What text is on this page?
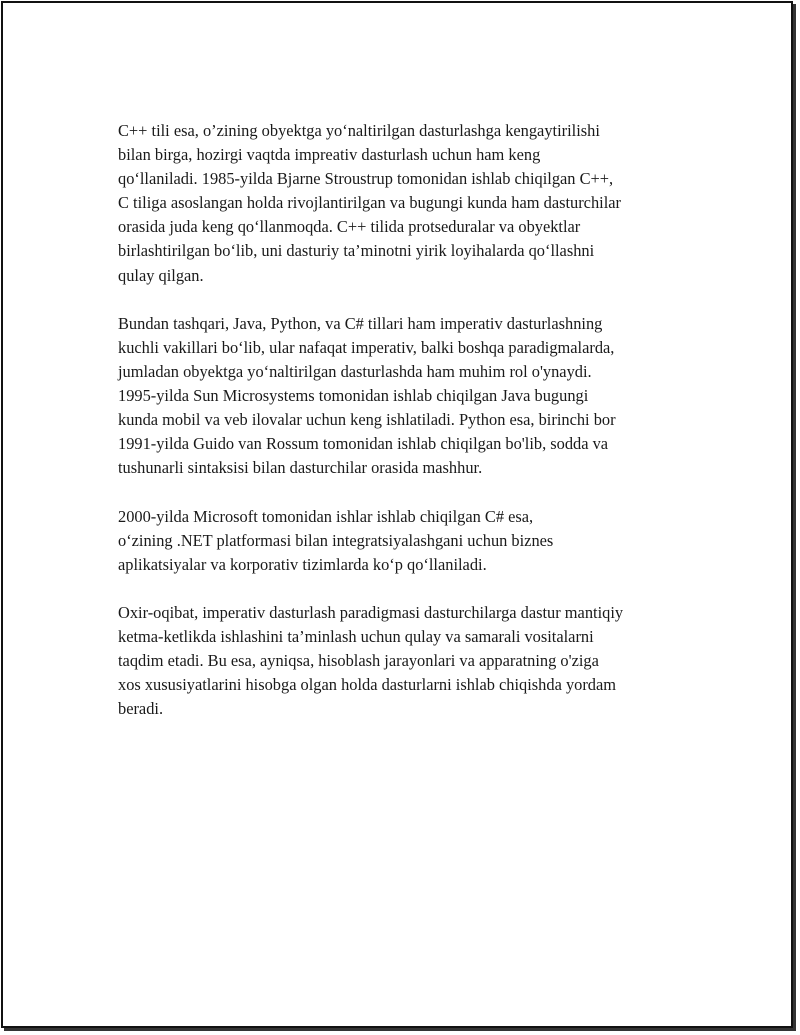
C++ tili esa, o’zining obyektga yo‘naltirilgan dasturlashga kengaytirilishi
bilan birga, hozirgi vaqtda impreativ dasturlash uchun ham keng
qo‘llaniladi. 1985-yilda Bjarne Stroustrup tomonidan ishlab chiqilgan C++,
C tiliga asoslangan holda rivojlantirilgan va bugungi kunda ham dasturchilar
orasida juda keng qo‘llanmoqda. C++ tilida protseduralar va obyektlar
birlashtirilgan bo‘lib, uni dasturiy ta’minotni yirik loyihalarda qo‘llashni
qulay qilgan.

Bundan tashqari, Java, Python, va C# tillari ham imperativ dasturlashning
kuchli vakillari bo‘lib, ular nafaqat imperativ, balki boshqa paradigmalarda,
jumladan obyektga yo‘naltirilgan dasturlashda ham muhim rol o'ynaydi.
1995-yilda Sun Microsystems tomonidan ishlab chiqilgan Java bugungi
kunda mobil va veb ilovalar uchun keng ishlatiladi. Python esa, birinchi bor
1991-yilda Guido van Rossum tomonidan ishlab chiqilgan bo'lib, sodda va
tushunarli sintaksisi bilan dasturchilar orasida mashhur.

2000-yilda Microsoft tomonidan ishlar ishlab chiqilgan C# esa,
o‘zining .NET platformasi bilan integratsiyalashgani uchun biznes
aplikatsiyalar va korporativ tizimlarda ko‘p qo‘llaniladi.

Oxir-oqibat, imperativ dasturlash paradigmasi dasturchilarga dastur mantiqiy
ketma-ketlikda ishlashini ta’minlash uchun qulay va samarali vositalarni
taqdim etadi. Bu esa, ayniqsa, hisoblash jarayonlari va apparatning o'ziga
xos xususiyatlarini hisobga olgan holda dasturlarni ishlab chiqishda yordam
beradi.
